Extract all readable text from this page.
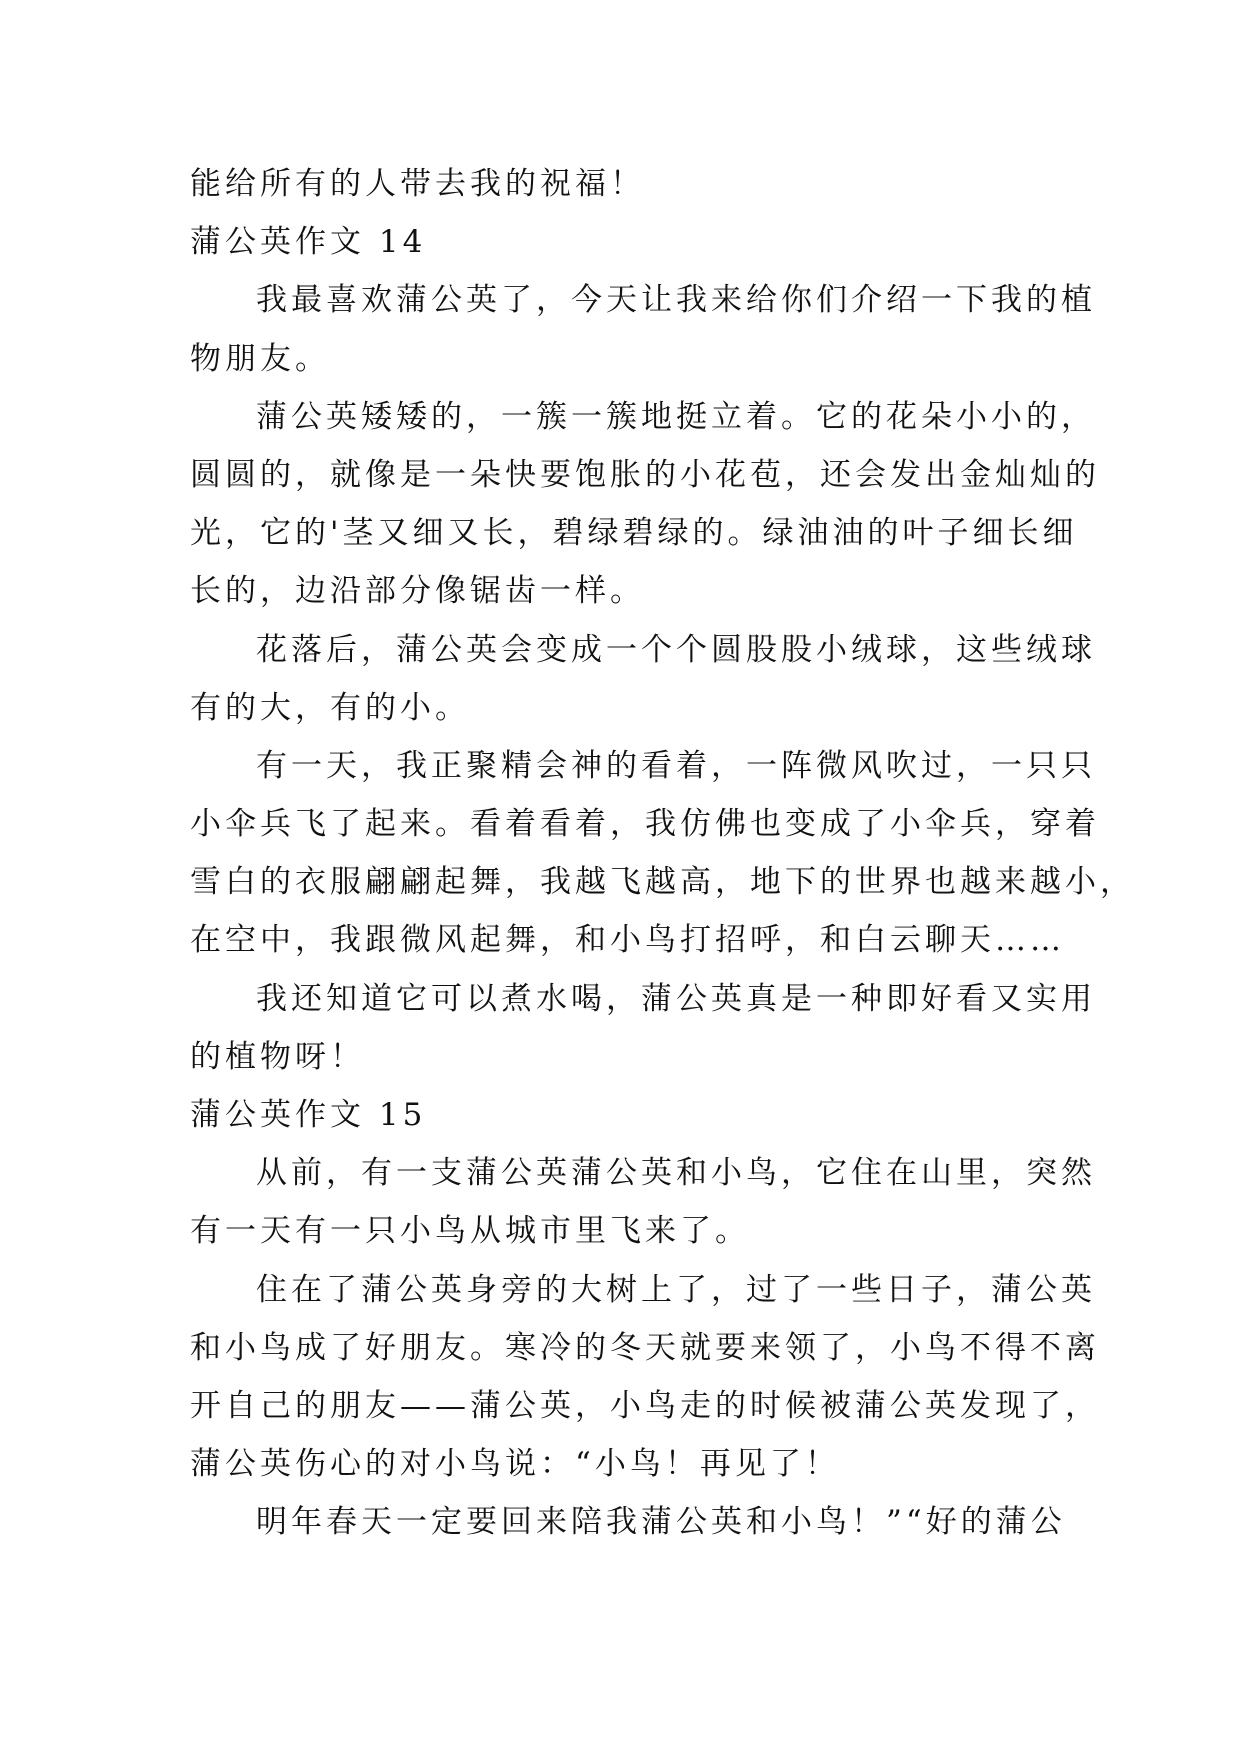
能给所有的人带去我的祝福！

蒲公英作文 14

我最喜欢蒲公英了，今天让我来给你们介绍一下我的植

物朋友。

蒲公英矮矮的，一簇一簇地挺立着。它的花朵小小的，

圆圆的，就像是一朵快要饱胀的小花苞，还会发出金灿灿的

光，它的'茎又细又长，碧绿碧绿的。绿油油的叶子细长细

长的，边沿部分像锯齿一样。

花落后，蒲公英会变成一个个圆股股小绒球，这些绒球

有的大，有的小。

有一天，我正聚精会神的看着，一阵微风吹过，一只只

小伞兵飞了起来。看着看着，我仿佛也变成了小伞兵，穿着

雪白的衣服翩翩起舞，我越飞越高，地下的世界也越来越小，

在空中，我跟微风起舞，和小鸟打招呼，和白云聊天……

我还知道它可以煮水喝，蒲公英真是一种即好看又实用

的植物呀！

蒲公英作文 15

从前，有一支蒲公英蒲公英和小鸟，它住在山里，突然

有一天有一只小鸟从城市里飞来了。

住在了蒲公英身旁的大树上了，过了一些日子，蒲公英

和小鸟成了好朋友。寒冷的冬天就要来领了，小鸟不得不离

开自己的朋友——蒲公英，小鸟走的时候被蒲公英发现了，

蒲公英伤心的对小鸟说：“小鸟！再见了！

明年春天一定要回来陪我蒲公英和小鸟！”“好的蒲公
